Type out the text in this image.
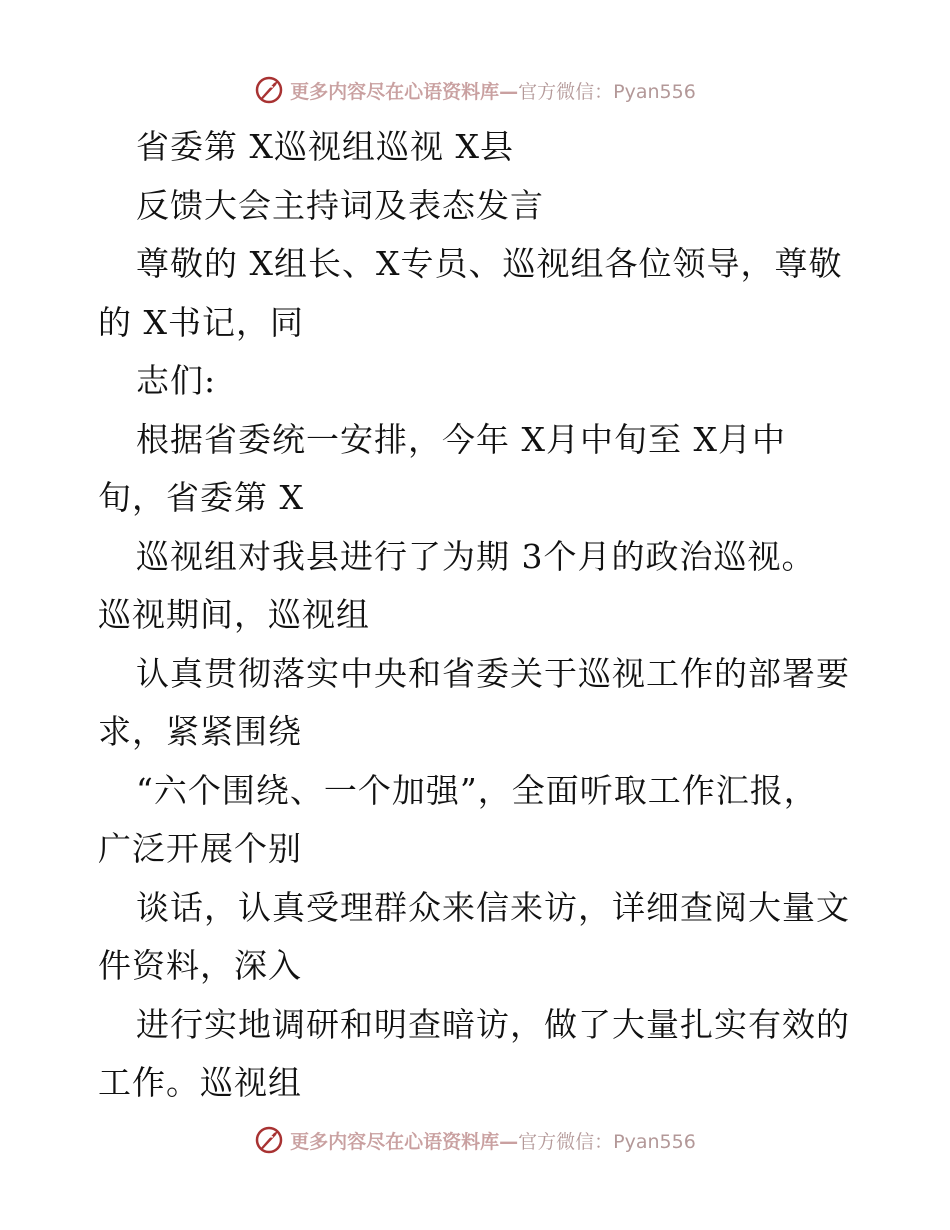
更多内容尽在心语资料库—官方微信：Pyan556
省委第 X巡视组巡视 X县
反馈大会主持词及表态发言
尊敬的 X组长、X专员、巡视组各位领导，尊敬
的 X书记，同
志们:
根据省委统一安排，今年 X月中旬至 X月中
旬，省委第 X
巡视组对我县进行了为期 3个月的政治巡视。
巡视期间，巡视组
认真贯彻落实中央和省委关于巡视工作的部署要
求，紧紧围绕
“六个围绕、一个加强”，全面听取工作汇报，
广泛开展个别
谈话，认真受理群众来信来访，详细查阅大量文
件资料，深入
进行实地调研和明查暗访，做了大量扎实有效的
工作。巡视组
更多内容尽在心语资料库—官方微信：Pyan556
